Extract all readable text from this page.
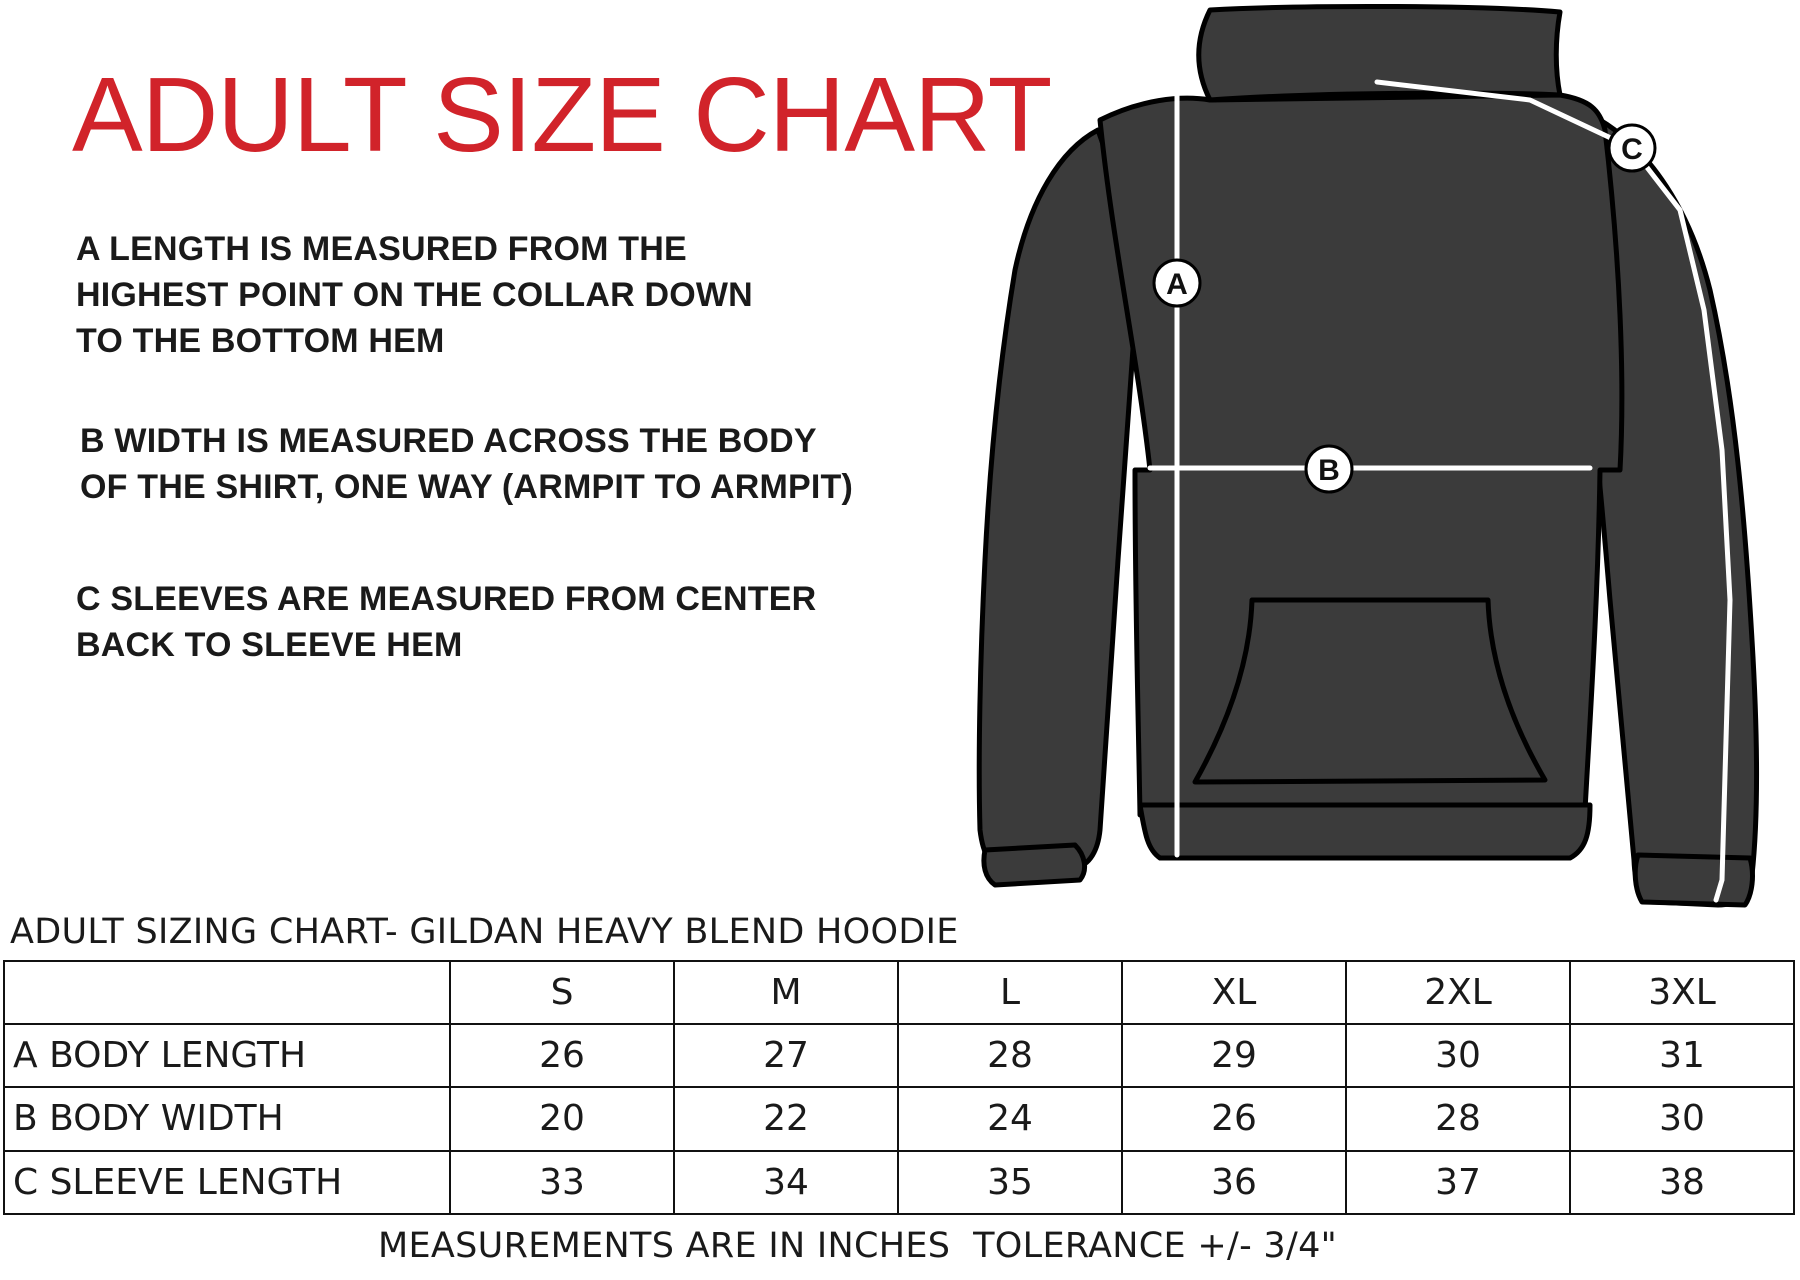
ADULT SIZE CHART

A LENGTH IS MEASURED FROM THE
HIGHEST POINT ON THE COLLAR DOWN
TO THE BOTTOM HEM

B WIDTH IS MEASURED ACROSS THE BODY
OF THE SHIRT, ONE WAY (ARMPIT TO ARMPIT)

C SLEEVES ARE MEASURED FROM CENTER
BACK TO SLEEVE HEM

A
B
C

ADULT SIZING CHART- GILDAN HEAVY BLEND HOODIE

	S	M	L	XL	2XL	3XL
A BODY LENGTH	26	27	28	29	30	31
B BODY WIDTH	20	22	24	26	28	30
C SLEEVE LENGTH	33	34	35	36	37	38

MEASUREMENTS ARE IN INCHES  TOLERANCE +/- 3/4"
